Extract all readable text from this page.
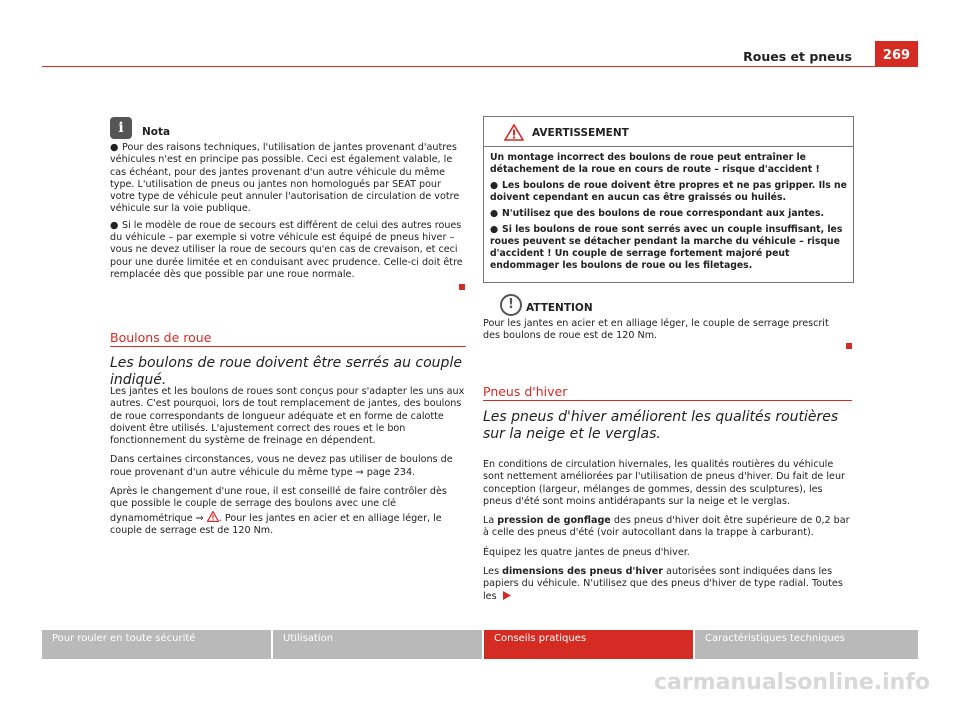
Roues et pneus	269
i	Nota

● Pour des raisons techniques, l'utilisation de jantes provenant d'autres véhicules n'est en principe pas possible. Ceci est également valable, le cas échéant, pour des jantes provenant d'un autre véhicule du même type. L'utilisation de pneus ou jantes non homologués par SEAT pour votre type de véhicule peut annuler l'autorisation de circulation de votre véhicule sur la voie publique.

● Si le modèle de roue de secours est différent de celui des autres roues du véhicule – par exemple si votre véhicule est équipé de pneus hiver – vous ne devez utiliser la roue de secours qu'en cas de crevaison, et ceci pour une durée limitée et en conduisant avec prudence. Celle-ci doit être remplacée dès que possible par une roue normale.

Boulons de roue
Les boulons de roue doivent être serrés au couple indiqué.

Les jantes et les boulons de roues sont conçus pour s'adapter les uns aux autres. C'est pourquoi, lors de tout remplacement de jantes, des boulons de roue correspondants de longueur adéquate et en forme de calotte doivent être utilisés. L'ajustement correct des roues et le bon fonctionnement du système de freinage en dépendent.

Dans certaines circonstances, vous ne devez pas utiliser de boulons de roue provenant d'un autre véhicule du même type ⇒ page 234.

Après le changement d'une roue, il est conseillé de faire contrôler dès que possible le couple de serrage des boulons avec une clé dynamométrique ⇒ . Pour les jantes en acier et en alliage léger, le couple de serrage est de 120 Nm.

AVERTISSEMENT

Un montage incorrect des boulons de roue peut entraîner le détachement de la roue en cours de route – risque d'accident !

● Les boulons de roue doivent être propres et ne pas gripper. Ils ne doivent cependant en aucun cas être graissés ou huilés.

● N'utilisez que des boulons de roue correspondant aux jantes.

● Si les boulons de roue sont serrés avec un couple insuffisant, les roues peuvent se détacher pendant la marche du véhicule – risque d'accident ! Un couple de serrage fortement majoré peut endommager les boulons de roue ou les filetages.

!	ATTENTION

Pour les jantes en acier et en alliage léger, le couple de serrage prescrit des boulons de roue est de 120 Nm.

Pneus d'hiver
Les pneus d'hiver améliorent les qualités routières sur la neige et le verglas.

En conditions de circulation hivernales, les qualités routières du véhicule sont nettement améliorées par l'utilisation de pneus d'hiver. Du fait de leur conception (largeur, mélanges de gommes, dessin des sculptures), les pneus d'été sont moins antidérapants sur la neige et le verglas.

La pression de gonflage des pneus d'hiver doit être supérieure de 0,2 bar à celle des pneus d'été (voir autocollant dans la trappe à carburant).

Équipez les quatre jantes de pneus d'hiver.

Les dimensions des pneus d'hiver autorisées sont indiquées dans les papiers du véhicule. N'utilisez que des pneus d'hiver de type radial. Toutes les

Pour rouler en toute sécurité	Utilisation	Conseils pratiques	Caractéristiques techniques
carmanualsonline.info
